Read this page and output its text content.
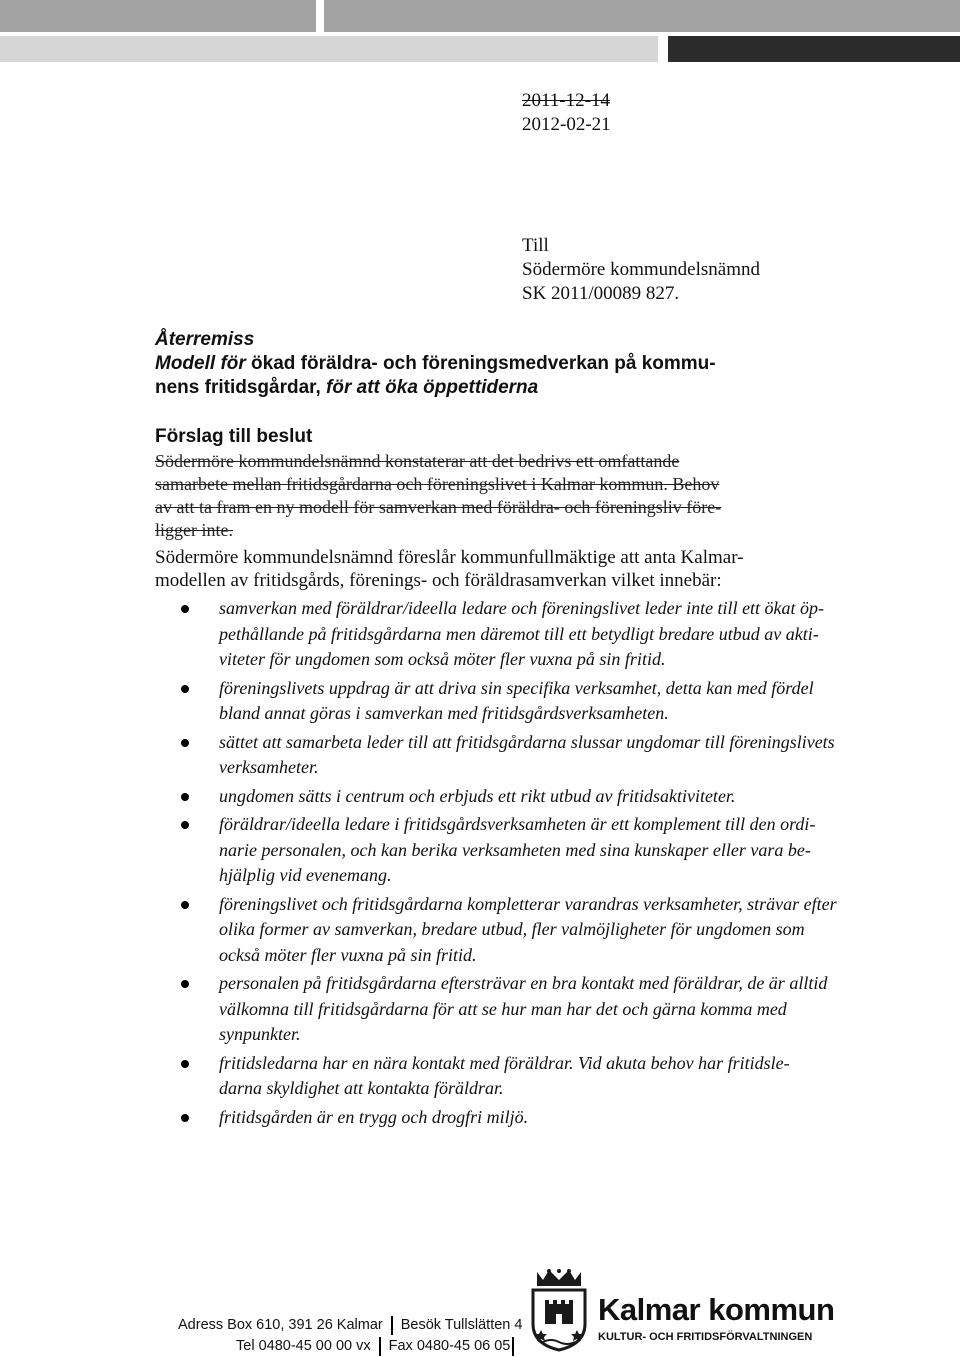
2011-12-14
2012-02-21
Till
Södermöre kommundelsnämnd
SK 2011/00089 827.
Återremiss
Modell för ökad föräldra- och föreningsmedverkan på kommu-
nens fritidsgårdar, för att öka öppettiderna
Förslag till beslut
Södermöre kommundelsnämnd konstaterar att det bedrivs ett omfattande
samarbete mellan fritidsgårdarna och föreningslivet i Kalmar kommun. Behov
av att ta fram en ny modell för samverkan med föräldra- och föreningsliv före-
ligger inte.
Södermöre kommundelsnämnd föreslår kommunfullmäktige att anta Kalmar-
modellen av fritidsgårds, förenings- och föräldrasamverkan vilket innebär:
samverkan med föräldrar/ideella ledare och föreningslivet leder inte till ett ökat öp-
pethållande på fritidsgårdarna men däremot till ett betydligt bredare utbud av akti-
viteter för ungdomen som också möter fler vuxna på sin fritid.
föreningslivets uppdrag är att driva sin specifika verksamhet, detta kan med fördel
bland annat göras i samverkan med fritidsgårdsverksamheten.
sättet att samarbeta leder till att fritidsgårdarna slussar ungdomar till föreningslivets
verksamheter.
ungdomen sätts i centrum och erbjuds ett rikt utbud av fritidsaktiviteter.
föräldrar/ideella ledare i fritidsgårdsverksamheten är ett komplement till den ordi-
narie personalen, och kan berika verksamheten med sina kunskaper eller vara be-
hjälplig vid evenemang.
föreningslivet och fritidsgårdarna kompletterar varandras verksamheter, strävar efter
olika former av samverkan, bredare utbud, fler valmöjligheter för ungdomen som
också möter fler vuxna på sin fritid.
personalen på fritidsgårdarna eftersträvar en bra kontakt med föräldrar, de är alltid
välkomna till fritidsgårdarna för att se hur man har det och gärna komma med
synpunkter.
fritidsledarna har en nära kontakt med föräldrar. Vid akuta behov har fritidsle-
darna skyldighet att kontakta föräldrar.
fritidsgården är en trygg och drogfri miljö.
Adress Box 610, 391 26 Kalmar Besök Tullslätten 4
Tel 0480-45 00 00 vx Fax 0480-45 06 05
Kalmar kommun
KULTUR- OCH FRITIDSFÖRVALTNINGEN
